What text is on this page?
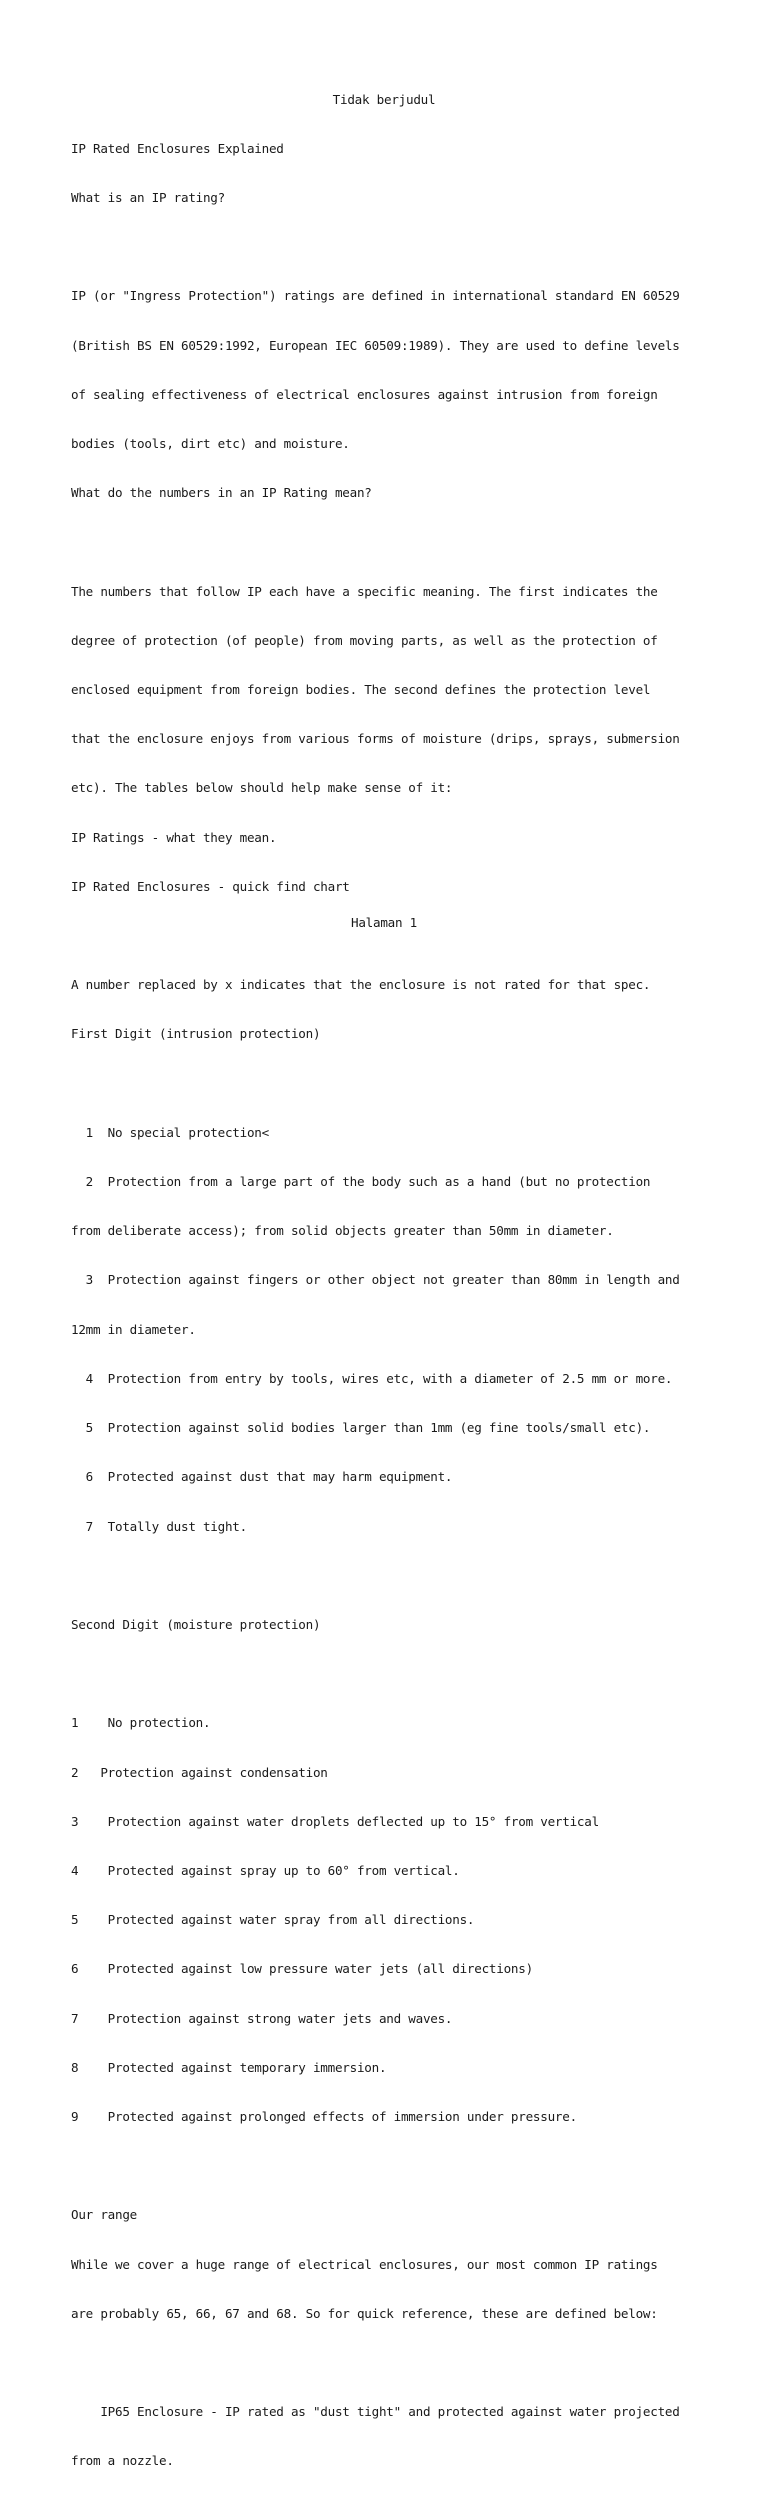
Tidak berjudul

IP Rated Enclosures Explained

What is an IP rating?

IP (or "Ingress Protection") ratings are defined in international standard EN 60529

(British BS EN 60529:1992, European IEC 60509:1989). They are used to define levels

of sealing effectiveness of electrical enclosures against intrusion from foreign

bodies (tools, dirt etc) and moisture.

What do the numbers in an IP Rating mean?

The numbers that follow IP each have a specific meaning. The first indicates the

degree of protection (of people) from moving parts, as well as the protection of

enclosed equipment from foreign bodies. The second defines the protection level

that the enclosure enjoys from various forms of moisture (drips, sprays, submersion

etc). The tables below should help make sense of it:

IP Ratings - what they mean.

IP Rated Enclosures - quick find chart

A number replaced by x indicates that the enclosure is not rated for that spec.

First Digit (intrusion protection)

1  No special protection<

2  Protection from a large part of the body such as a hand (but no protection

from deliberate access); from solid objects greater than 50mm in diameter.

3  Protection against fingers or other object not greater than 80mm in length and

12mm in diameter.

4  Protection from entry by tools, wires etc, with a diameter of 2.5 mm or more.

5  Protection against solid bodies larger than 1mm (eg fine tools/small etc).

6  Protected against dust that may harm equipment.

7  Totally dust tight.

Second Digit (moisture protection)

1    No protection.

2   Protection against condensation

3    Protection against water droplets deflected up to 15° from vertical

4    Protected against spray up to 60° from vertical.

5    Protected against water spray from all directions.

6    Protected against low pressure water jets (all directions)

7    Protection against strong water jets and waves.

8    Protected against temporary immersion.

9    Protected against prolonged effects of immersion under pressure.

Our range

While we cover a huge range of electrical enclosures, our most common IP ratings

are probably 65, 66, 67 and 68. So for quick reference, these are defined below:

IP65 Enclosure - IP rated as "dust tight" and protected against water projected

from a nozzle.

Halaman 1
